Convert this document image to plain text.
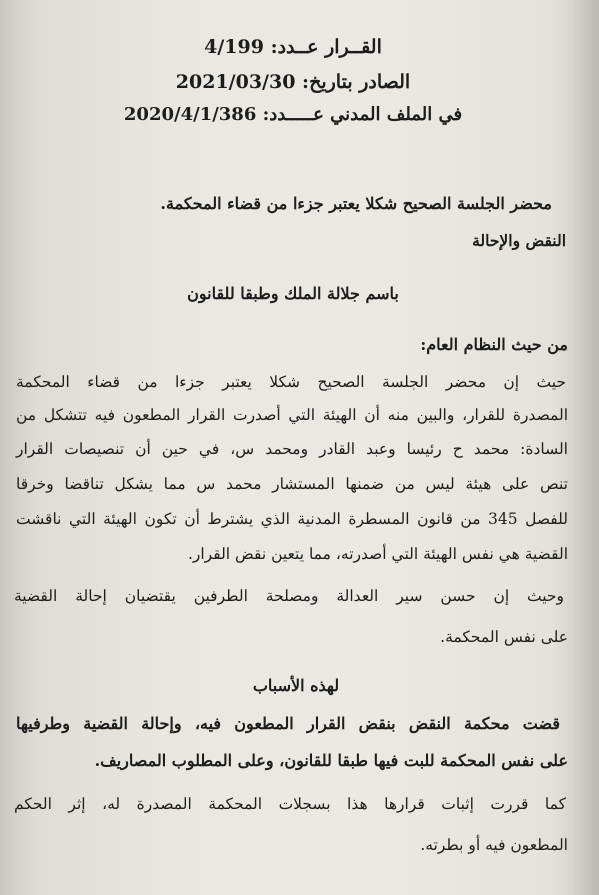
القــرار عــدد: 4/199
الصادر بتاريخ: 2021/03/30
في الملف المدني عـــــدد: 2020/4/1/386
محضر الجلسة الصحيح شكلا يعتبر جزءا من قضاء المحكمة.
النقض والإحالة
باسم جلالة الملك وطبقا للقانون
من حيث النظام العام:
حيث إن محضر الجلسة الصحيح شكلا يعتبر جزءا من قضاء المحكمة
المصدرة للقرار، والبين منه أن الهيئة التي أصدرت القرار المطعون فيه تتشكل من
السادة: محمد ح رئيسا وعبد القادر ومحمد س، في حين أن تنصيصات القرار
تنص على هيئة ليس من ضمنها المستشار محمد س مما يشكل تناقضا وخرقا
للفصل 345 من قانون المسطرة المدنية الذي يشترط أن تكون الهيئة التي ناقشت
القضية هي نفس الهيئة التي أصدرته، مما يتعين نقض القرار.
وحيث إن حسن سير العدالة ومصلحة الطرفين يقتضيان إحالة القضية
على نفس المحكمة.
لهذه الأسباب
قضت محكمة النقض بنقض القرار المطعون فيه، وإحالة القضية وطرفيها
على نفس المحكمة للبت فيها طبقا للقانون، وعلى المطلوب المصاريف.
كما قررت إثبات قرارها هذا بسجلات المحكمة المصدرة له، إثر الحكم
المطعون فيه أو بطرته.
